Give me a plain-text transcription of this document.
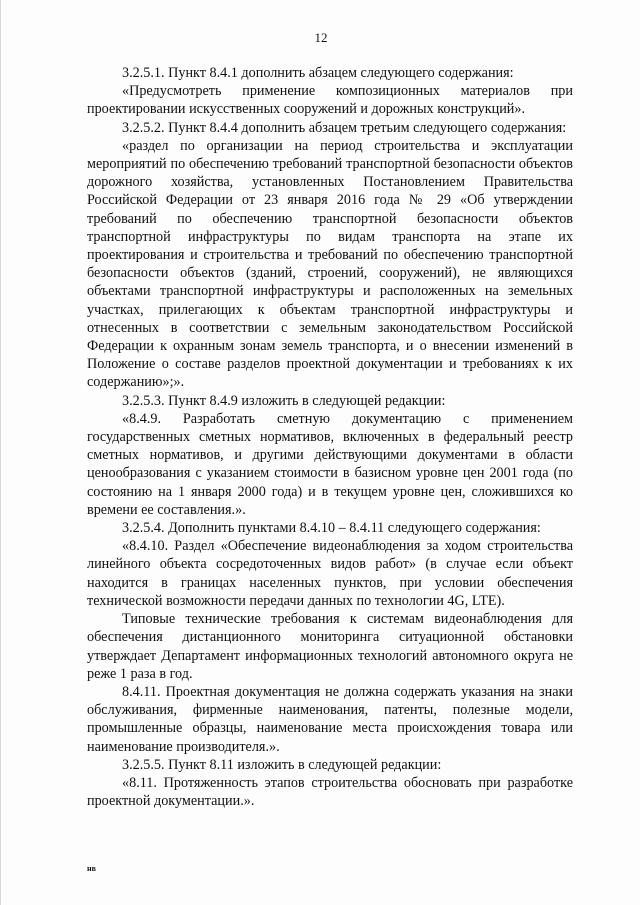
12

3.2.5.1. Пункт 8.4.1 дополнить абзацем следующего содержания:

«Предусмотреть применение композиционных материалов при проектировании искусственных сооружений и дорожных конструкций».

3.2.5.2. Пункт 8.4.4 дополнить абзацем третьим следующего содержания:

«раздел по организации на период строительства и эксплуатации мероприятий по обеспечению требований транспортной безопасности объектов дорожного хозяйства, установленных Постановлением Правительства Российской Федерации от 23 января 2016 года № 29 «Об утверждении требований по обеспечению транспортной безопасности объектов транспортной инфраструктуры по видам транспорта на этапе их проектирования и строительства и требований по обеспечению транспортной безопасности объектов (зданий, строений, сооружений), не являющихся объектами транспортной инфраструктуры и расположенных на земельных участках, прилегающих к объектам транспортной инфраструктуры и отнесенных в соответствии с земельным законодательством Российской Федерации к охранным зонам земель транспорта, и о внесении изменений в Положение о составе разделов проектной документации и требованиях к их содержанию»;».

3.2.5.3. Пункт 8.4.9 изложить в следующей редакции:

«8.4.9. Разработать сметную документацию с применением государственных сметных нормативов, включенных в федеральный реестр сметных нормативов, и другими действующими документами в области ценообразования с указанием стоимости в базисном уровне цен 2001 года (по состоянию на 1 января 2000 года) и в текущем уровне цен, сложившихся ко времени ее составления.».

3.2.5.4. Дополнить пунктами 8.4.10 – 8.4.11 следующего содержания:

«8.4.10. Раздел «Обеспечение видеонаблюдения за ходом строительства линейного объекта сосредоточенных видов работ» (в случае если объект находится в границах населенных пунктов, при условии обеспечения технической возможности передачи данных по технологии 4G, LTE).

Типовые технические требования к системам видеонаблюдения для обеспечения дистанционного мониторинга ситуационной обстановки утверждает Департамент информационных технологий автономного округа не реже 1 раза в год.

8.4.11. Проектная документация не должна содержать указания на знаки обслуживания, фирменные наименования, патенты, полезные модели, промышленные образцы, наименование места происхождения товара или наименование производителя.».

3.2.5.5. Пункт 8.11 изложить в следующей редакции:

«8.11. Протяженность этапов строительства обосновать при разработке проектной документации.».

нв
